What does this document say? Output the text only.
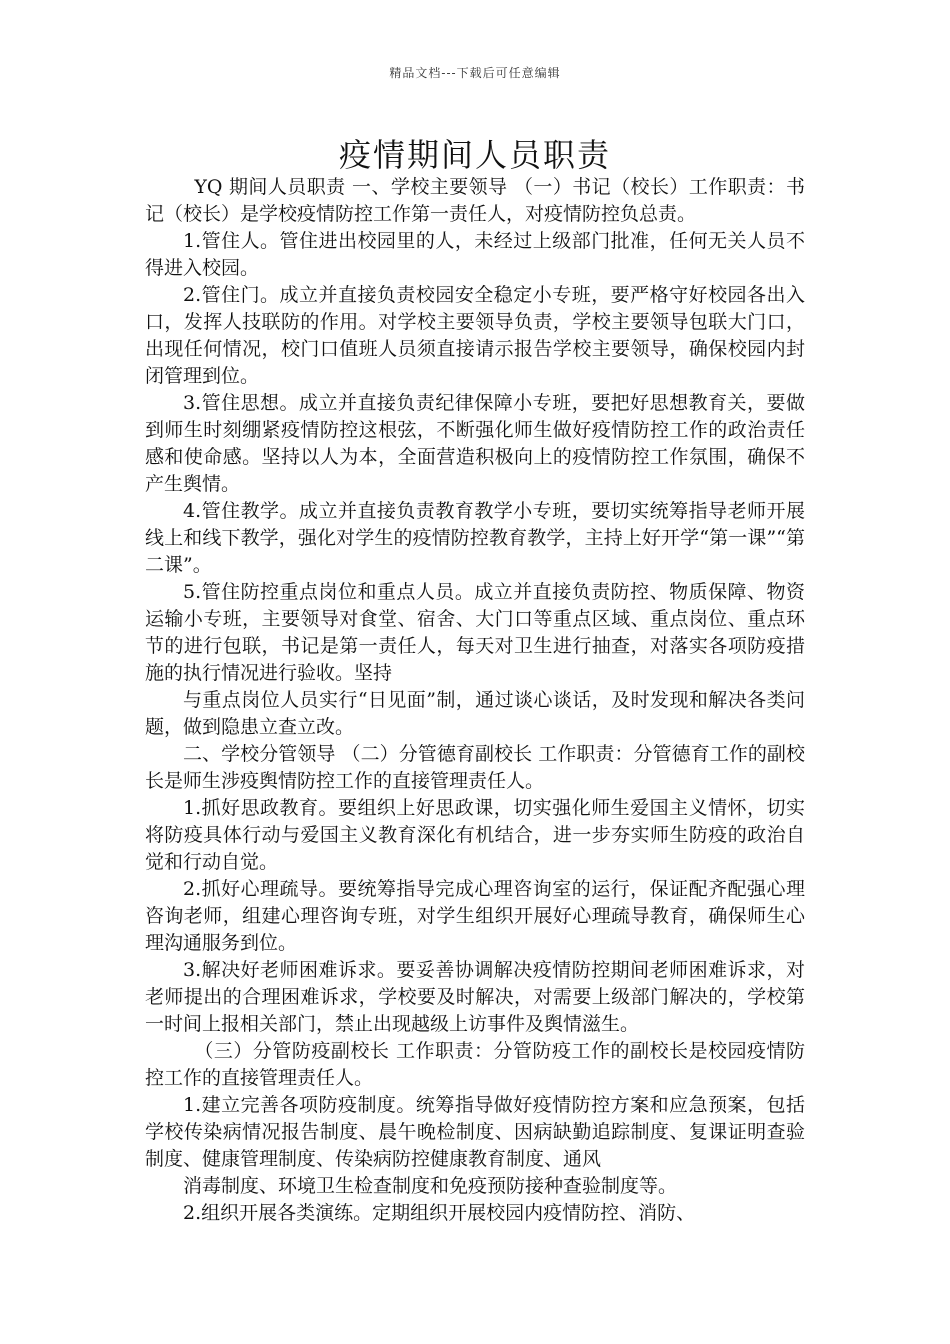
精品文档---下载后可任意编辑
疫情期间人员职责

YQ 期间人员职责 一、学校主要领导 （一）书记（校长）工作职责：书记（校长）是学校疫情防控工作第一责任人，对疫情防控负总责。

1.管住人。管住进出校园里的人，未经过上级部门批准，任何无关人员不得进入校园。

2.管住门。成立并直接负责校园安全稳定小专班，要严格守好校园各出入口，发挥人技联防的作用。对学校主要领导负责，学校主要领导包联大门口，出现任何情况，校门口值班人员须直接请示报告学校主要领导，确保校园内封闭管理到位。

3.管住思想。成立并直接负责纪律保障小专班，要把好思想教育关，要做到师生时刻绷紧疫情防控这根弦，不断强化师生做好疫情防控工作的政治责任感和使命感。坚持以人为本，全面营造积极向上的疫情防控工作氛围，确保不产生舆情。

4.管住教学。成立并直接负责教育教学小专班，要切实统筹指导老师开展线上和线下教学，强化对学生的疫情防控教育教学，主持上好开学“第一课”“第二课”。

5.管住防控重点岗位和重点人员。成立并直接负责防控、物质保障、物资运输小专班，主要领导对食堂、宿舍、大门口等重点区域、重点岗位、重点环节的进行包联，书记是第一责任人，每天对卫生进行抽查，对落实各项防疫措施的执行情况进行验收。坚持

与重点岗位人员实行“日见面”制，通过谈心谈话，及时发现和解决各类问题，做到隐患立查立改。

二、学校分管领导 （二）分管德育副校长 工作职责：分管德育工作的副校长是师生涉疫舆情防控工作的直接管理责任人。

1.抓好思政教育。要组织上好思政课，切实强化师生爱国主义情怀，切实将防疫具体行动与爱国主义教育深化有机结合，进一步夯实师生防疫的政治自觉和行动自觉。

2.抓好心理疏导。要统筹指导完成心理咨询室的运行，保证配齐配强心理咨询老师，组建心理咨询专班，对学生组织开展好心理疏导教育，确保师生心理沟通服务到位。

3.解决好老师困难诉求。要妥善协调解决疫情防控期间老师困难诉求，对老师提出的合理困难诉求，学校要及时解决，对需要上级部门解决的，学校第一时间上报相关部门，禁止出现越级上访事件及舆情滋生。

（三）分管防疫副校长 工作职责：分管防疫工作的副校长是校园疫情防控工作的直接管理责任人。

1.建立完善各项防疫制度。统筹指导做好疫情防控方案和应急预案，包括学校传染病情况报告制度、晨午晚检制度、因病缺勤追踪制度、复课证明查验制度、健康管理制度、传染病防控健康教育制度、通风

消毒制度、环境卫生检查制度和免疫预防接种查验制度等。

2.组织开展各类演练。定期组织开展校园内疫情防控、消防、
